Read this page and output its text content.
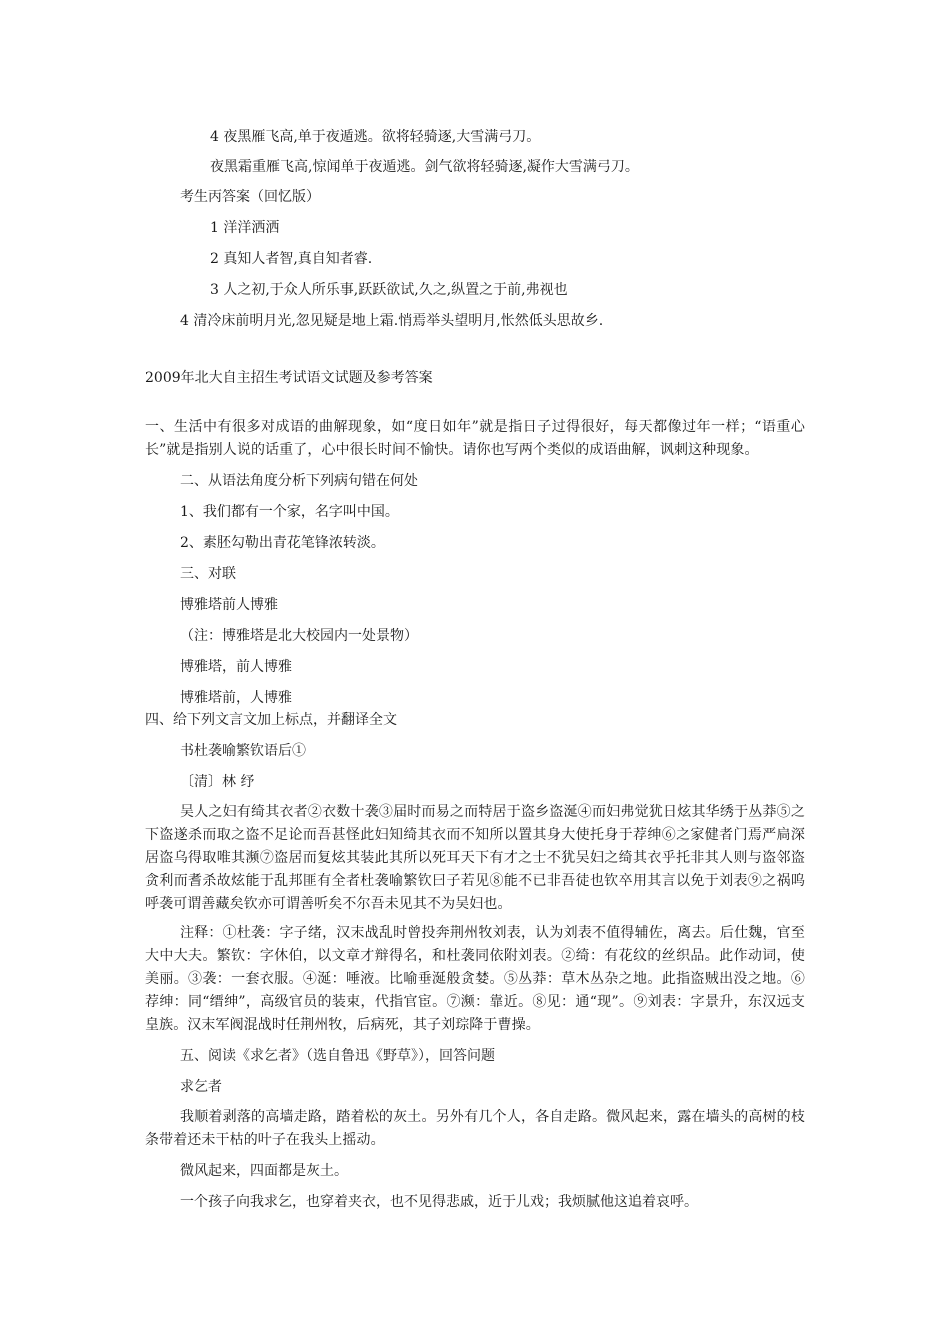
4 夜黑雁飞高,单于夜遁逃。欲将轻骑逐,大雪满弓刀。

夜黑霜重雁飞高,惊闻单于夜遁逃。剑气欲将轻骑逐,凝作大雪满弓刀。

考生丙答案（回忆版）

1 洋洋洒洒

2 真知人者智,真自知者睿.

3 人之初,于众人所乐事,跃跃欲试,久之,纵置之于前,弗视也

4 清冷床前明月光,忽见疑是地上霜.悄焉举头望明月,怅然低头思故乡.

2009年北大自主招生考试语文试题及参考答案

一、生活中有很多对成语的曲解现象，如“度日如年”就是指日子过得很好，每天都像过年一样；“语重心长”就是指别人说的话重了，心中很长时间不愉快。请你也写两个类似的成语曲解，讽刺这种现象。

二、从语法角度分析下列病句错在何处

1、我们都有一个家，名字叫中国。

2、素胚勾勒出青花笔锋浓转淡。

三、对联

博雅塔前人博雅

（注：博雅塔是北大校园内一处景物）

博雅塔，前人博雅

博雅塔前，人博雅

四、给下列文言文加上标点，并翻译全文

书杜袭喻繁钦语后①

〔清〕林 纾

吴人之妇有绮其衣者②衣数十袭③届时而易之而特居于盗乡盗涎④而妇弗觉犹日炫其华绣于丛莽⑤之下盗遂杀而取之盗不足论而吾甚怪此妇知绮其衣而不知所以置其身大使托身于荐绅⑥之家健者门焉严扃深居盗乌得取唯其濒⑦盗居而复炫其装此其所以死耳天下有才之士不犹吴妇之绮其衣乎托非其人则与盗邻盗贪利而耆杀故炫能于乱邦匪有全者杜袭喻繁钦曰子若见⑧能不已非吾徒也钦卒用其言以免于刘表⑨之祸呜呼袭可谓善藏矣钦亦可谓善听矣不尔吾未见其不为吴妇也。

注释：①杜袭：字子绪，汉末战乱时曾投奔荆州牧刘表，认为刘表不值得辅佐，离去。后仕魏，官至大中大夫。繁钦：字休伯，以文章才辩得名，和杜袭同依附刘表。②绮：有花纹的丝织品。此作动词，使美丽。③袭：一套衣服。④涎：唾液。比喻垂涎般贪婪。⑤丛莽：草木丛杂之地。此指盗贼出没之地。⑥荐绅：同“缙绅”，高级官员的装束，代指官宦。⑦濒：靠近。⑧见：通“现”。⑨刘表：字景升，东汉远支皇族。汉末军阀混战时任荆州牧，后病死，其子刘琮降于曹操。

五、阅读《求乞者》（选自鲁迅《野草》），回答问题

求乞者

我顺着剥落的高墙走路，踏着松的灰土。另外有几个人，各自走路。微风起来，露在墙头的高树的枝条带着还未干枯的叶子在我头上摇动。

微风起来，四面都是灰土。

一个孩子向我求乞，也穿着夹衣，也不见得悲戚，近于儿戏；我烦腻他这追着哀呼。
